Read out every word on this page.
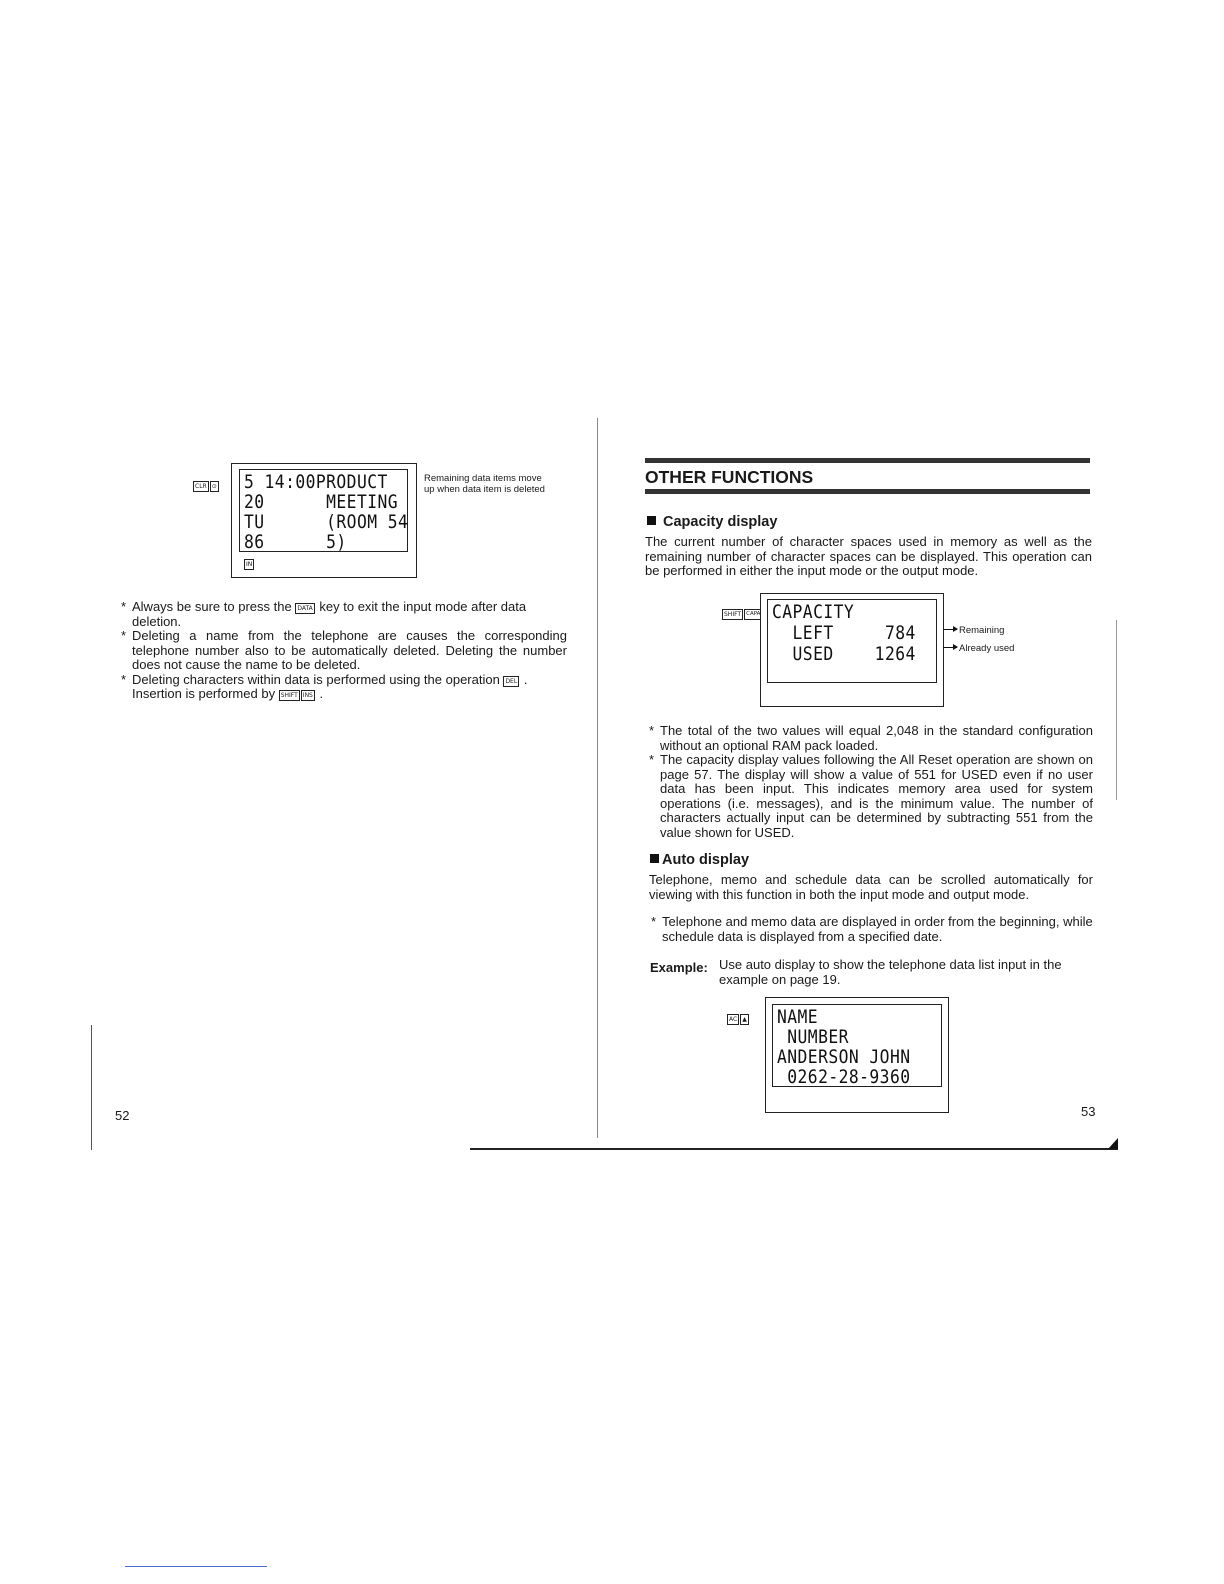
CLR ⊙ 5 14:00PRODUCT
20      MEETING
TU      (ROOM 54
86      5)
IN
Remaining data items move up when data item is deleted
* Always be sure to press the DATA key to exit the input mode after data deletion.
* Deleting a name from the telephone are causes the corresponding telephone number also to be automatically deleted. Deleting the number does not cause the name to be deleted.
* Deleting characters within data is performed using the operation DEL .
Insertion is performed by SHIFT INS .
52
OTHER FUNCTIONS
Capacity display
The current number of character spaces used in memory as well as the remaining number of character spaces can be displayed. This operation can be performed in either the input mode or the output mode.
SHIFT CAPA CAPACITY
LEFT     784
USED    1264
Remaining
Already used
* The total of the two values will equal 2,048 in the standard configuration without an optional RAM pack loaded.
* The capacity display values following the All Reset operation are shown on page 57. The display will show a value of 551 for USED even if no user data has been input. This indicates memory area used for system operations (i.e. messages), and is the minimum value. The number of characters actually input can be determined by subtracting 551 from the value shown for USED.
Auto display
Telephone, memo and schedule data can be scrolled automatically for viewing with this function in both the input mode and output mode.
* Telephone and memo data are displayed in order from the beginning, while schedule data is displayed from a specified date.
Example: Use auto display to show the telephone data list input in the example on page 19.
AC ▲ NAME
NUMBER
ANDERSON JOHN
0262-28-9360
53
